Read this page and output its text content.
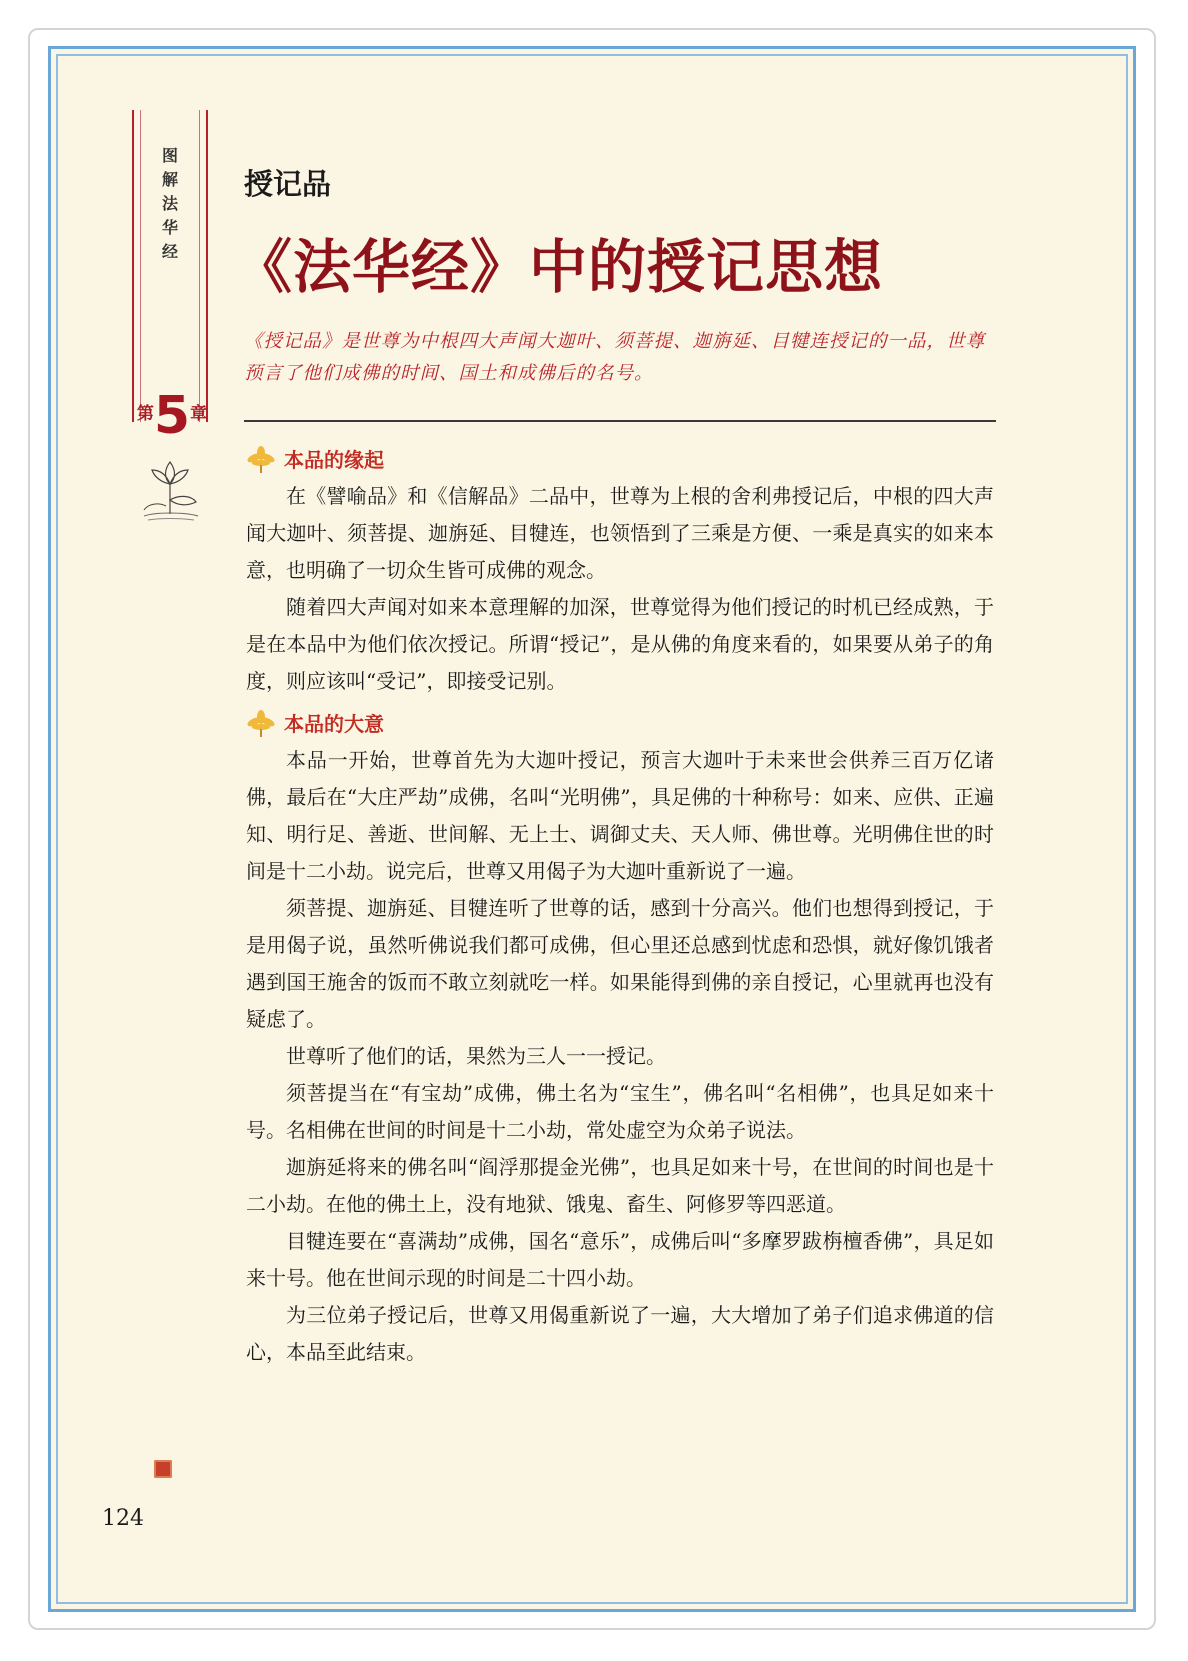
图
解
法
华
经
第5章
授记品
《法华经》中的授记思想
《授记品》是世尊为中根四大声闻大迦叶、须菩提、迦旃延、目犍连授记的一品，世尊预言了他们成佛的时间、国土和成佛后的名号。
本品的缘起

在《譬喻品》和《信解品》二品中，世尊为上根的舍利弗授记后，中根的四大声闻大迦叶、须菩提、迦旃延、目犍连，也领悟到了三乘是方便、一乘是真实的如来本意，也明确了一切众生皆可成佛的观念。

随着四大声闻对如来本意理解的加深，世尊觉得为他们授记的时机已经成熟，于是在本品中为他们依次授记。所谓“授记”，是从佛的角度来看的，如果要从弟子的角度，则应该叫“受记”，即接受记别。

本品的大意

本品一开始，世尊首先为大迦叶授记，预言大迦叶于未来世会供养三百万亿诸佛，最后在“大庄严劫”成佛，名叫“光明佛”，具足佛的十种称号：如来、应供、正遍知、明行足、善逝、世间解、无上士、调御丈夫、天人师、佛世尊。光明佛住世的时间是十二小劫。说完后，世尊又用偈子为大迦叶重新说了一遍。

须菩提、迦旃延、目犍连听了世尊的话，感到十分高兴。他们也想得到授记，于是用偈子说，虽然听佛说我们都可成佛，但心里还总感到忧虑和恐惧，就好像饥饿者遇到国王施舍的饭而不敢立刻就吃一样。如果能得到佛的亲自授记，心里就再也没有疑虑了。

世尊听了他们的话，果然为三人一一授记。

须菩提当在“有宝劫”成佛，佛土名为“宝生”，佛名叫“名相佛”，也具足如来十号。名相佛在世间的时间是十二小劫，常处虚空为众弟子说法。

迦旃延将来的佛名叫“阎浮那提金光佛”，也具足如来十号，在世间的时间也是十二小劫。在他的佛土上，没有地狱、饿鬼、畜生、阿修罗等四恶道。

目犍连要在“喜满劫”成佛，国名“意乐”，成佛后叫“多摩罗跋栴檀香佛”，具足如来十号。他在世间示现的时间是二十四小劫。

为三位弟子授记后，世尊又用偈重新说了一遍，大大增加了弟子们追求佛道的信心，本品至此结束。

124
